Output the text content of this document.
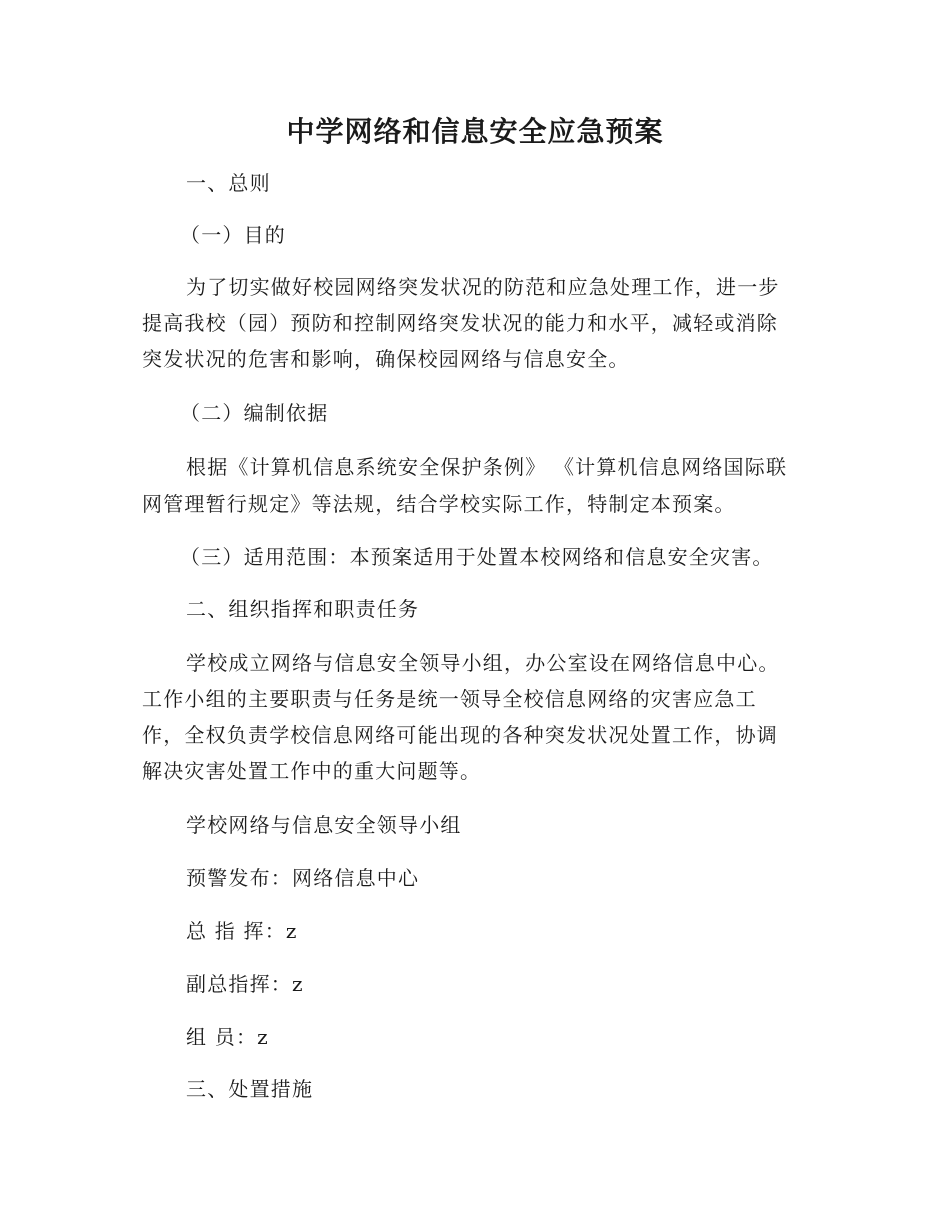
中学网络和信息安全应急预案

一、总则

（一）目的

为了切实做好校园网络突发状况的防范和应急处理工作，进一步

提高我校（园）预防和控制网络突发状况的能力和水平，减轻或消除

突发状况的危害和影响，确保校园网络与信息安全。

（二）编制依据

根据《计算机信息系统安全保护条例》 《计算机信息网络国际联

网管理暂行规定》等法规，结合学校实际工作，特制定本预案。

（三）适用范围：本预案适用于处置本校网络和信息安全灾害。

二、组织指挥和职责任务

学校成立网络与信息安全领导小组，办公室设在网络信息中心。

工作小组的主要职责与任务是统一领导全校信息网络的灾害应急工

作，全权负责学校信息网络可能出现的各种突发状况处置工作，协调

解决灾害处置工作中的重大问题等。

学校网络与信息安全领导小组

预警发布：网络信息中心

总 指 挥：z

副总指挥：z

组 员：z

三、处置措施
